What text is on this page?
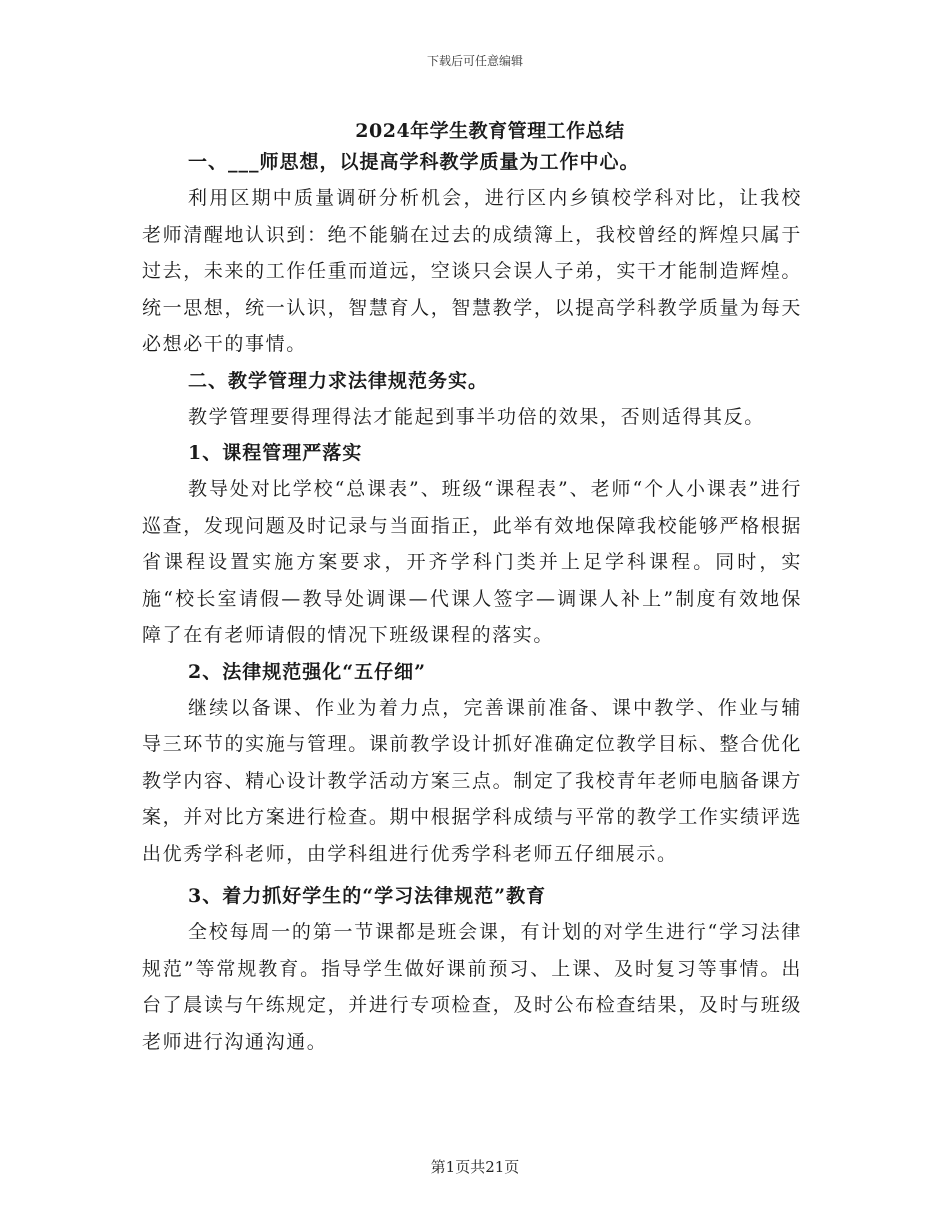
下载后可任意编辑
2024年学生教育管理工作总结
一、___师思想，以提高学科教学质量为工作中心。
利用区期中质量调研分析机会，进行区内乡镇校学科对比，让我校老师清醒地认识到：绝不能躺在过去的成绩簿上，我校曾经的辉煌只属于过去，未来的工作任重而道远，空谈只会误人子弟，实干才能制造辉煌。统一思想，统一认识，智慧育人，智慧教学，以提高学科教学质量为每天必想必干的事情。
二、教学管理力求法律规范务实。
教学管理要得理得法才能起到事半功倍的效果，否则适得其反。
1、课程管理严落实
教导处对比学校“总课表”、班级“课程表”、老师“个人小课表”进行巡查，发现问题及时记录与当面指正，此举有效地保障我校能够严格根据省课程设置实施方案要求，开齐学科门类并上足学科课程。同时，实施“校长室请假—教导处调课—代课人签字—调课人补上”制度有效地保障了在有老师请假的情况下班级课程的落实。
2、法律规范强化“五仔细”
继续以备课、作业为着力点，完善课前准备、课中教学、作业与辅导三环节的实施与管理。课前教学设计抓好准确定位教学目标、整合优化教学内容、精心设计教学活动方案三点。制定了我校青年老师电脑备课方案，并对比方案进行检查。期中根据学科成绩与平常的教学工作实绩评选出优秀学科老师，由学科组进行优秀学科老师五仔细展示。
3、着力抓好学生的“学习法律规范”教育
全校每周一的第一节课都是班会课，有计划的对学生进行“学习法律规范”等常规教育。指导学生做好课前预习、上课、及时复习等事情。出台了晨读与午练规定，并进行专项检查，及时公布检查结果，及时与班级老师进行沟通沟通。
第1页共21页
